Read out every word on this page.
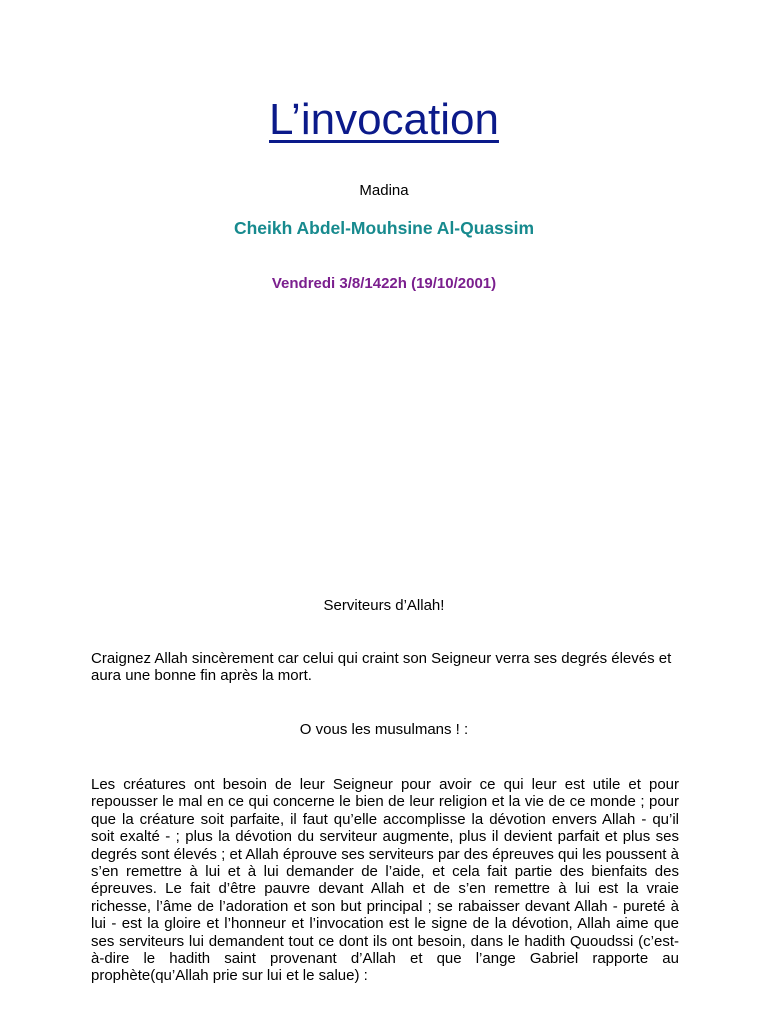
L’invocation
Madina
Cheikh Abdel-Mouhsine Al-Quassim
Vendredi 3/8/1422h (19/10/2001)
Serviteurs d’Allah!

Craignez Allah sincèrement car celui qui craint son Seigneur verra ses degrés élevés et aura une bonne fin après la mort.

O vous les musulmans ! :

Les créatures ont besoin de leur Seigneur pour avoir ce qui leur est utile et pour repousser le mal en ce qui concerne le bien de leur religion et la vie de ce monde ; pour que la créature soit parfaite, il faut qu’elle accomplisse la dévotion envers Allah - qu’il soit exalté - ; plus la dévotion du serviteur augmente, plus il devient parfait et plus ses degrés sont élevés ; et Allah éprouve ses serviteurs par des épreuves qui les poussent à s’en remettre à lui et à lui demander de l’aide, et cela fait partie des bienfaits des épreuves. Le fait d’être pauvre devant Allah et de s’en remettre à lui est la vraie richesse, l’âme de l’adoration et son but principal ; se rabaisser devant Allah - pureté à lui - est la gloire et l’honneur et l’invocation est le signe de la dévotion, Allah aime que ses serviteurs lui demandent tout ce dont ils ont besoin, dans le hadith Quoudssi (c’est-à-dire le hadith saint provenant d’Allah et que l’ange Gabriel rapporte au prophète(qu’Allah prie sur lui et le salue) :
